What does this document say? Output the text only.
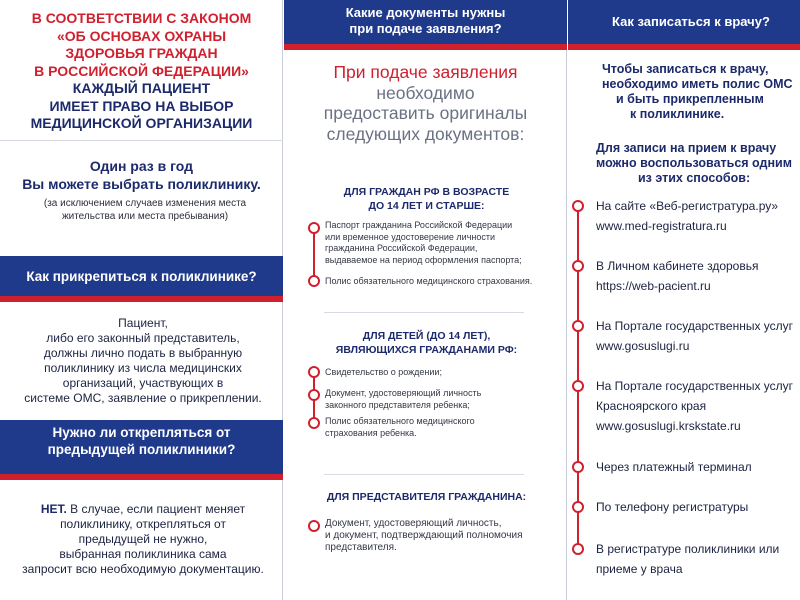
В СООТВЕТСТВИИ С ЗАКОНОМ
«ОБ ОСНОВАХ ОХРАНЫ
ЗДОРОВЬЯ ГРАЖДАН
В РОССИЙСКОЙ ФЕДЕРАЦИИ»
КАЖДЫЙ ПАЦИЕНТ
ИМЕЕТ ПРАВО НА ВЫБОР
МЕДИЦИНСКОЙ ОРГАНИЗАЦИИ
Один раз в год
Вы можете выбрать поликлинику.
(за исключением случаев изменения места
жительства или места пребывания)
Как прикрепиться к поликлинике?
Пациент,
либо его законный представитель,
должны лично подать в выбранную
поликлинику из числа медицинских
организаций, участвующих в
системе ОМС, заявление о прикреплении.
Нужно ли открепляться от
предыдущей поликлиники?
НЕТ. В случае, если пациент меняет
поликлинику, открепляться от
предыдущей не нужно,
выбранная поликлиника сама
запросит всю необходимую документацию.
Какие документы нужны
при подаче заявления?
При подаче заявления
необходимо
предоставить оригиналы
следующих документов:
ДЛЯ ГРАЖДАН РФ В ВОЗРАСТЕ
ДО 14 ЛЕТ И СТАРШЕ:
Паспорт гражданина Российской Федерации
или временное удостоверение личности
гражданина Российской Федерации,
выдаваемое на период оформления паспорта;
Полис обязательного медицинского страхования.
ДЛЯ ДЕТЕЙ (ДО 14 ЛЕТ),
ЯВЛЯЮЩИХСЯ ГРАЖДАНАМИ РФ:
Свидетельство о рождении;
Документ, удостоверяющий личность
законного представителя ребенка;
Полис обязательного медицинского
страхования ребенка.
ДЛЯ ПРЕДСТАВИТЕЛЯ ГРАЖДАНИНА:
Документ, удостоверяющий личность,
и документ, подтверждающий полномочия
представителя.
Как записаться к врачу?
Чтобы записаться к врачу,
необходимо иметь полис ОМС
и быть прикрепленным
к поликлинике.
Для записи на прием к врачу
можно воспользоваться одним
из этих способов:
На сайте «Веб-регистратура.ру»
www.med-registratura.ru
В Личном кабинете здоровья
https://web-pacient.ru
На Портале государственных услуг
www.gosuslugi.ru
На Портале государственных услуг
Красноярского края
www.gosuslugi.krskstate.ru
Через платежный терминал
По телефону регистратуры
В регистратуре поликлиники или
приеме у врача
